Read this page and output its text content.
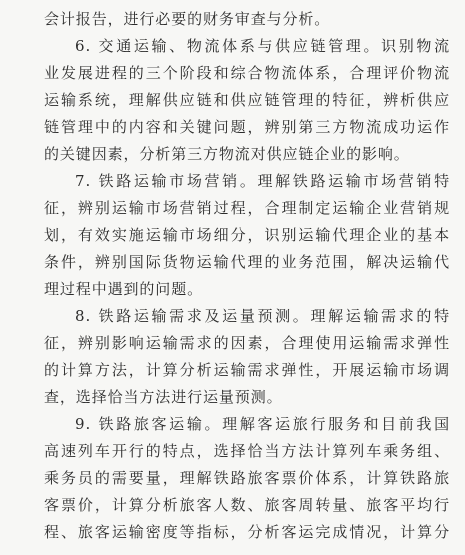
会计报告，进行必要的财务审查与分析。
6. 交通运输、物流体系与供应链管理。识别物流
业发展进程的三个阶段和综合物流体系，合理评价物流
运输系统，理解供应链和供应链管理的特征，辨析供应
链管理中的内容和关键问题，辨别第三方物流成功运作
的关键因素，分析第三方物流对供应链企业的影响。
7. 铁路运输市场营销。理解铁路运输市场营销特
征，辨别运输市场营销过程，合理制定运输企业营销规
划，有效实施运输市场细分，识别运输代理企业的基本
条件，辨别国际货物运输代理的业务范围，解决运输代
理过程中遇到的问题。
8. 铁路运输需求及运量预测。理解运输需求的特
征，辨别影响运输需求的因素，合理使用运输需求弹性
的计算方法，计算分析运输需求弹性，开展运输市场调
查，选择恰当方法进行运量预测。
9. 铁路旅客运输。理解客运旅行服务和目前我国
高速列车开行的特点，选择恰当方法计算列车乘务组、
乘务员的需要量，理解铁路旅客票价体系，计算铁路旅
客票价，计算分析旅客人数、旅客周转量、旅客平均行
程、旅客运输密度等指标，分析客运完成情况，计算分
